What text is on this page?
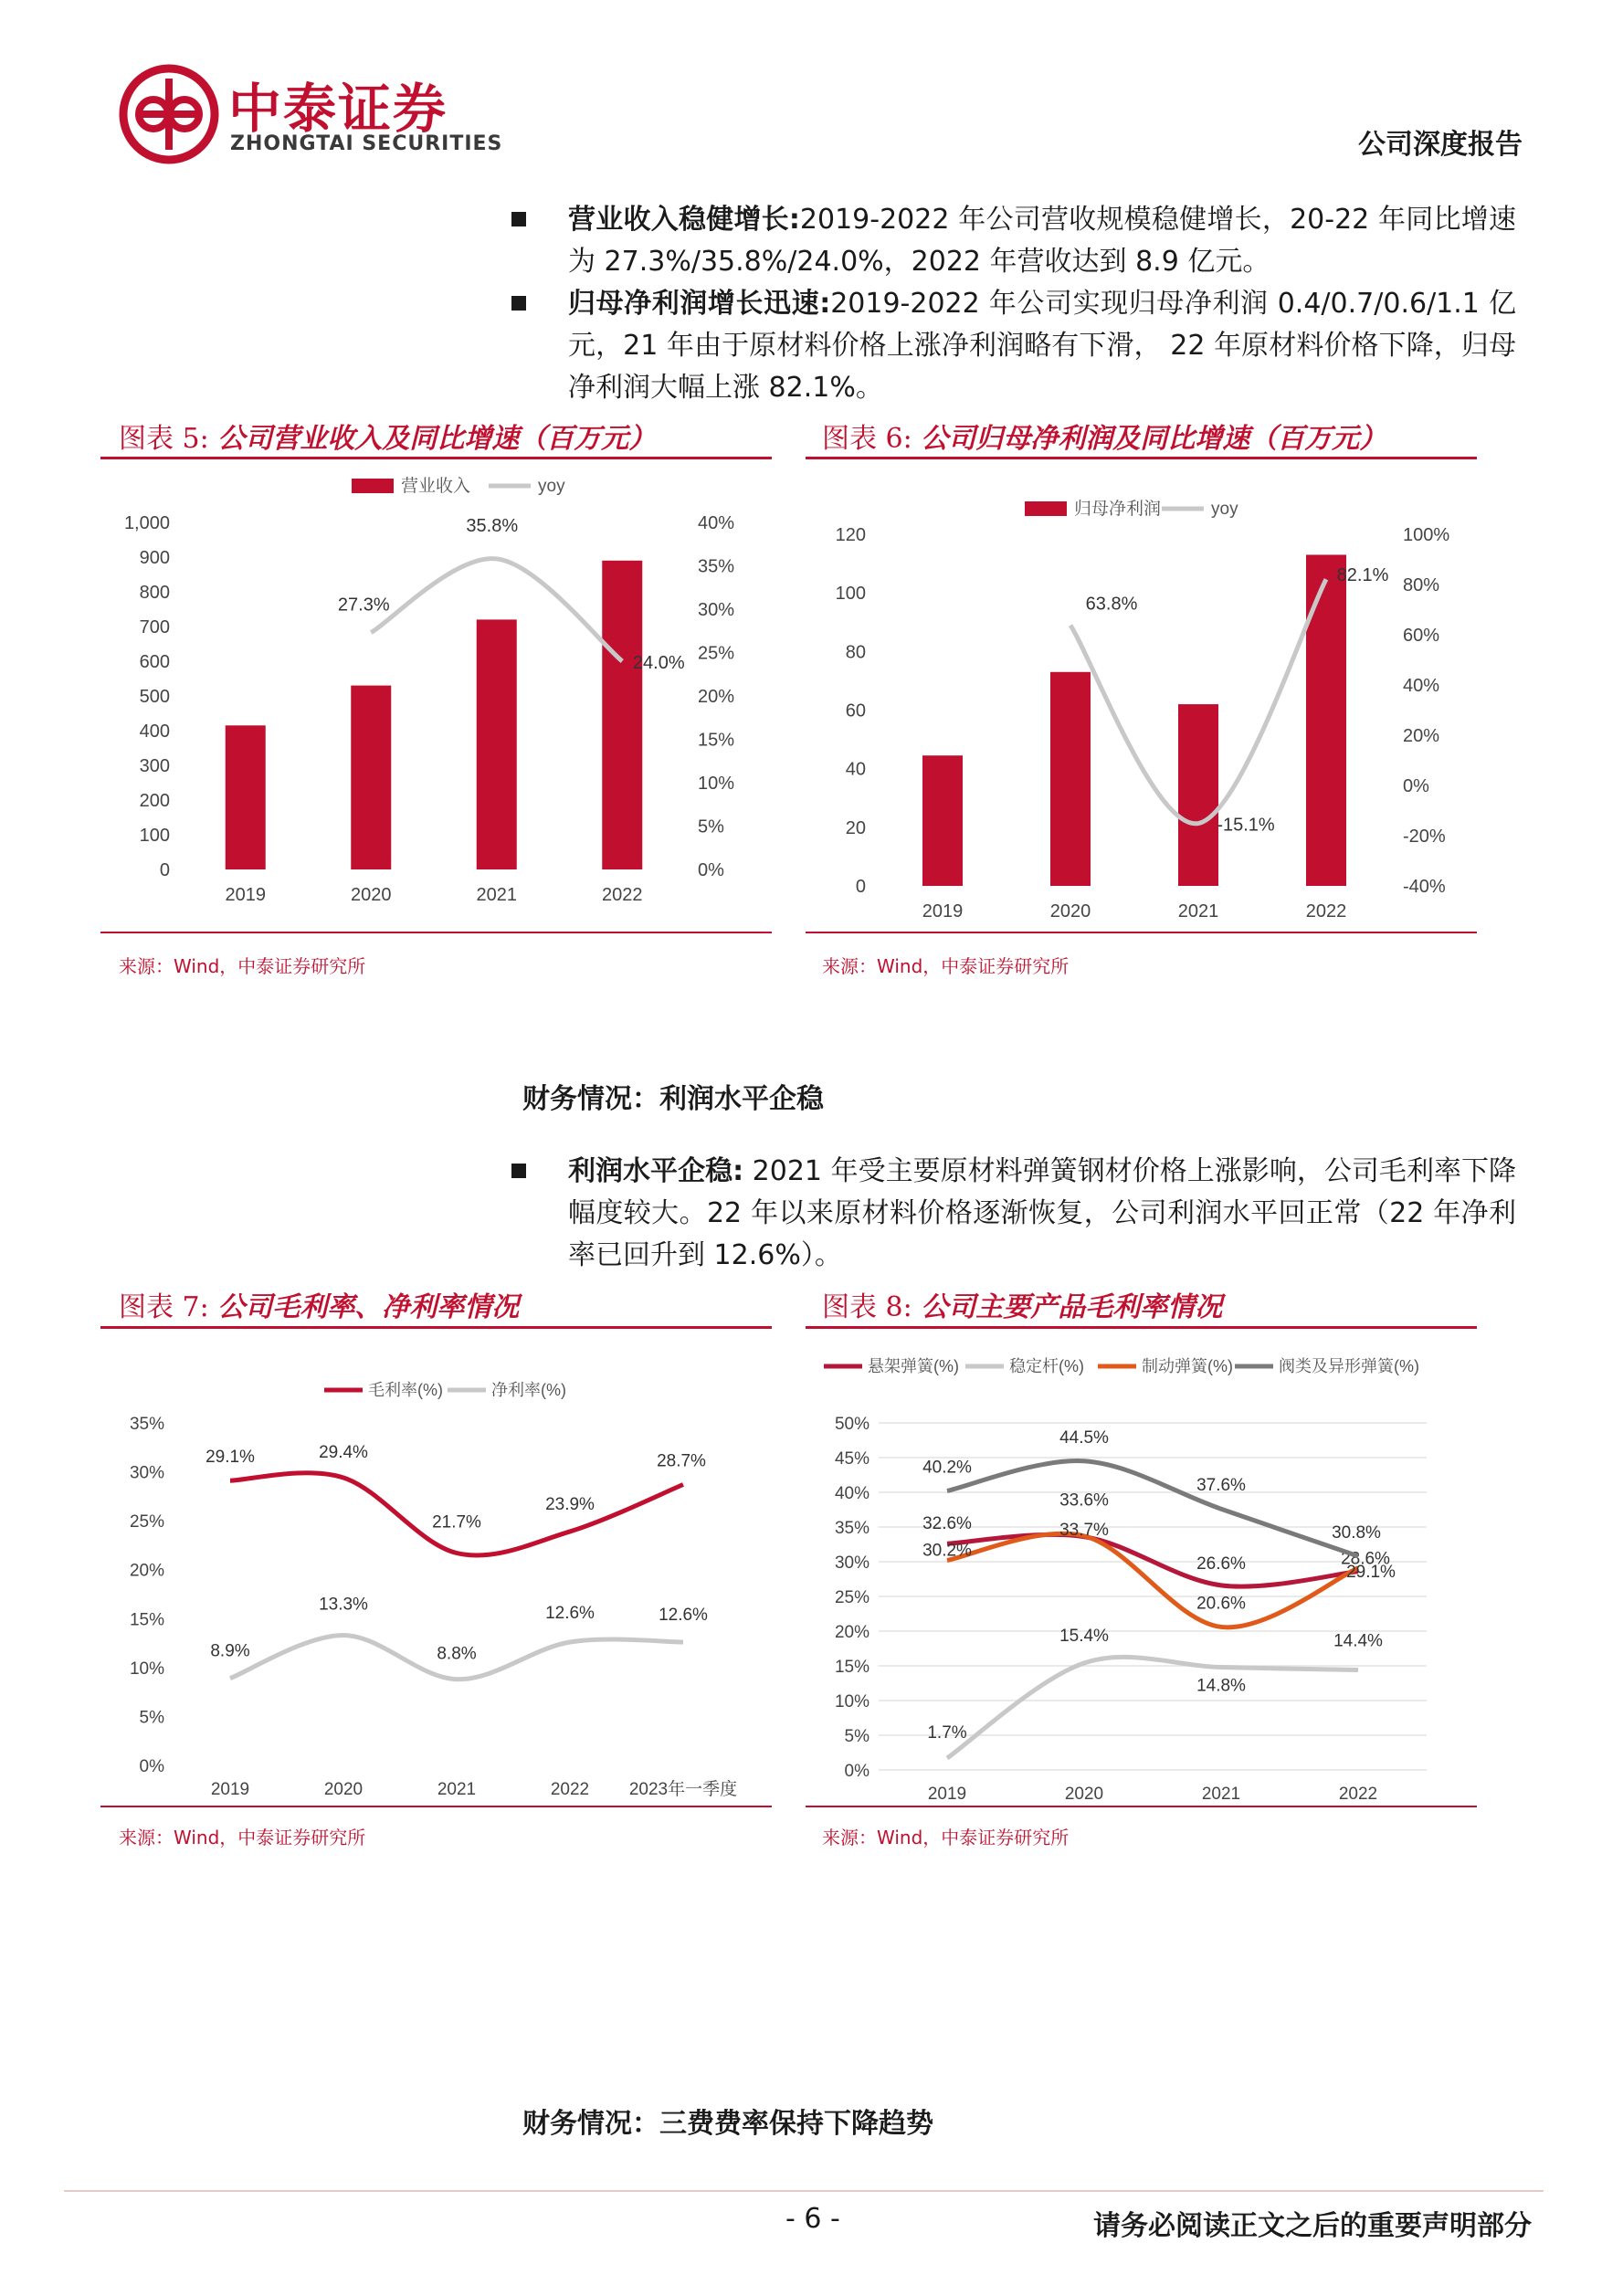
中泰证券
ZHONGTAI SECURITIES	公司深度报告
营业收入稳健增长:2019-2022 年公司营收规模稳健增长，20-22 年同比增速为 27.3%/35.8%/24.0%，2022 年营收达到 8.9 亿元。
归母净利润增长迅速:2019-2022 年公司实现归母净利润 0.4/0.7/0.6/1.1 亿元，21 年由于原材料价格上涨净利润略有下滑， 22 年原材料价格下降，归母净利润大幅上涨 82.1%。
图表 5: 公司营业收入及同比增速（百万元）
营业收入	yoy
0
100
200
300
400
500
600
700
800
900
1,000
0%
5%
10%
15%
20%
25%
30%
35%
40%
2019	2020	2021	2022
27.3%
35.8%
24.0%
来源：Wind，中泰证券研究所
图表 6: 公司归母净利润及同比增速（百万元）
归母净利润	yoy
0
20
40
60
80
100
120
-40%
-20%
0%
20%
40%
60%
80%
100%
2019	2020	2021	2022
63.8%
-15.1%
82.1%
来源：Wind，中泰证券研究所
财务情况：利润水平企稳
利润水平企稳: 2021 年受主要原材料弹簧钢材价格上涨影响，公司毛利率下降幅度较大。22 年以来原材料价格逐渐恢复，公司利润水平回正常（22 年净利率已回升到 12.6%）。
图表 7: 公司毛利率、净利率情况
毛利率(%)	净利率(%)
0%
5%
10%
15%
20%
25%
30%
35%
2019	2020	2021	2022 2023年一季度
29.1%	29.4%
21.7%
23.9%
28.7%
8.9%
13.3%
8.8%
12.6%	12.6%
来源：Wind，中泰证券研究所
图表 8: 公司主要产品毛利率情况
悬架弹簧(%)	稳定杆(%)	制动弹簧(%)	阀类及异形弹簧(%)
0%
5%
10%
15%
20%
25%
30%
35%
40%
45%
50%
2019	2020	2021	2022
32.6%
33.6%
26.6%	28.6%
1.7%
15.4%
14.8%
14.4%
30.2%
33.7%
20.6%
29.1%
40.2%
44.5%
37.6%
30.8%
来源：Wind，中泰证券研究所
财务情况：三费费率保持下降趋势
- 6 -	请务必阅读正文之后的重要声明部分
